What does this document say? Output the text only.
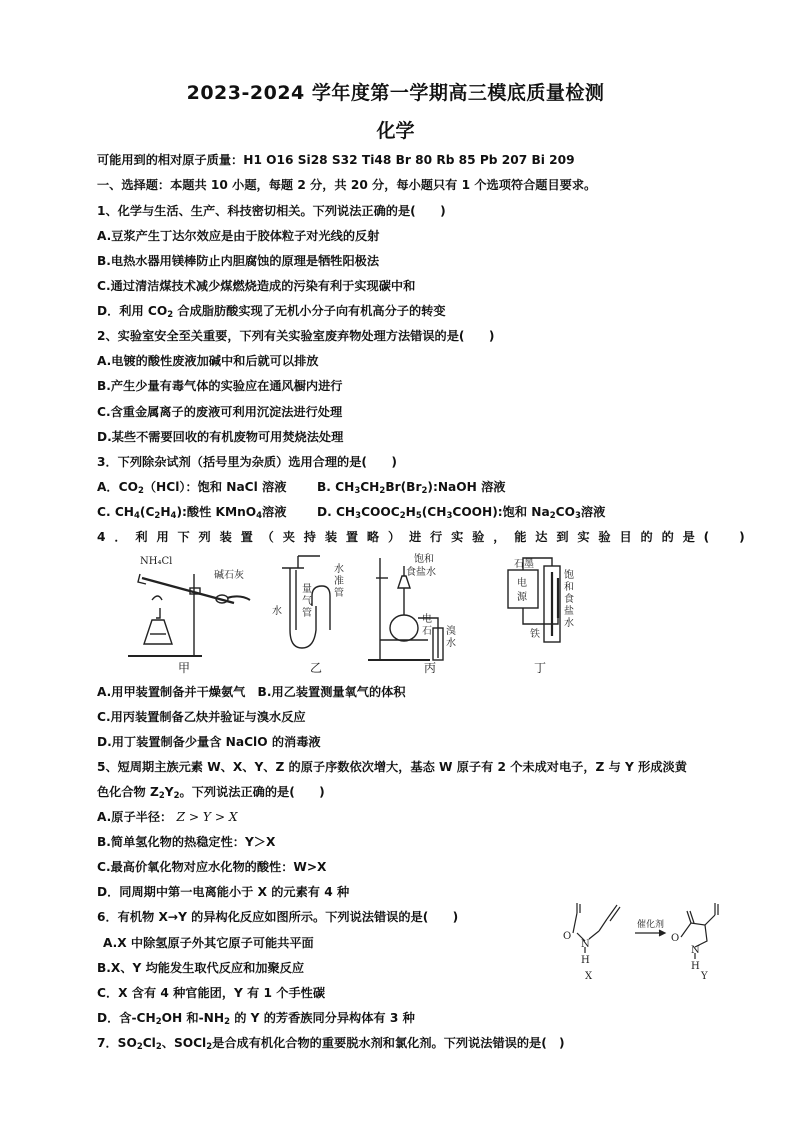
2023-2024 学年度第一学期高三模底质量检测
化学
可能用到的相对原子质量：H1 O16 Si28 S32 Ti48 Br 80 Rb 85 Pb 207 Bi 209
一、选择题：本题共 10 小题，每题 2 分，共 20 分，每小题只有 1 个选项符合题目要求。
1、化学与生活、生产、科技密切相关。下列说法正确的是(　　)
A.豆浆产生丁达尔效应是由于胶体粒子对光线的反射
B.电热水器用镁棒防止内胆腐蚀的原理是牺牲阳极法
C.通过清洁煤技术减少煤燃烧造成的污染有利于实现碳中和
D．利用 $CO_2$ 合成脂肪酸实现了无机小分子向有机高分子的转变
2、实验室安全至关重要，下列有关实验室废弃物处理方法错误的是(　　)
A.电镀的酸性废液加碱中和后就可以排放
B.产生少量有毒气体的实验应在通风橱内进行
C.含重金属离子的废液可利用沉淀法进行处理
D.某些不需要回收的有机废物可用焚烧法处理
3．下列除杂试剂（括号里为杂质）选用合理的是(　　)
A．$CO_2(HCl)$：饱和 NaCl 溶液	B. $CH_3CH_2Br(Br_2):NaOH$ 溶液
C. $CH_4(C_2H_4)$:酸性 KMnO$_4$溶液	D. $CH_3COOC_2H_5(CH_3COOH)$:饱和 $Na_2CO_3$溶液
4 ． 利 用 下 列 装 置 （ 夹 持 装 置 略 ） 进 行 实 验 ， 能 达 到 实 验 目 的 的 是 (
　 )
NH₄Cl
碱石灰
水
量
气
管
水
准
管
饱和
食盐水
电
石 溴
水
石墨
电
源
铁
饱
和
食
盐
水
甲	乙	丙	丁
A.用甲装置制备并干燥氨气　B.用乙装置测量氧气的体积
C.用丙装置制备乙炔并验证与溴水反应
D.用丁装置制备少量含 NaClO 的消毒液
5、短周期主族元素 W、X、Y、Z 的原子序数依次增大，基态 W 原子有 2 个未成对电子，Z 与 Y 形成淡黄
色化合物 $Z_2Y_2$。下列说法正确的是(　　)
A.原子半径： Z > Y > X
B.简单氢化物的热稳定性：Y＞X
C.最高价氧化物对应水化物的酸性：W>X
D．同周期中第一电离能小于 X 的元素有 4 种
6．有机物 X→Y 的异构化反应如图所示。下列说法错误的是(　　)
A.X 中除氢原子外其它原子可能共平面
B.X、Y 均能发生取代反应和加聚反应
C．X 含有 4 种官能团，Y 有 1 个手性碳
D．含$-CH_2OH$ 和$-NH_2$ 的 Y 的芳香族同分异构体有 3 种
催化剂
O
N
H
X
O
N
H
Y
7．$SO_2Cl_2$、SOCl$_2$是合成有机化合物的重要脱水剂和氯化剂。下列说法错误的是(　)
